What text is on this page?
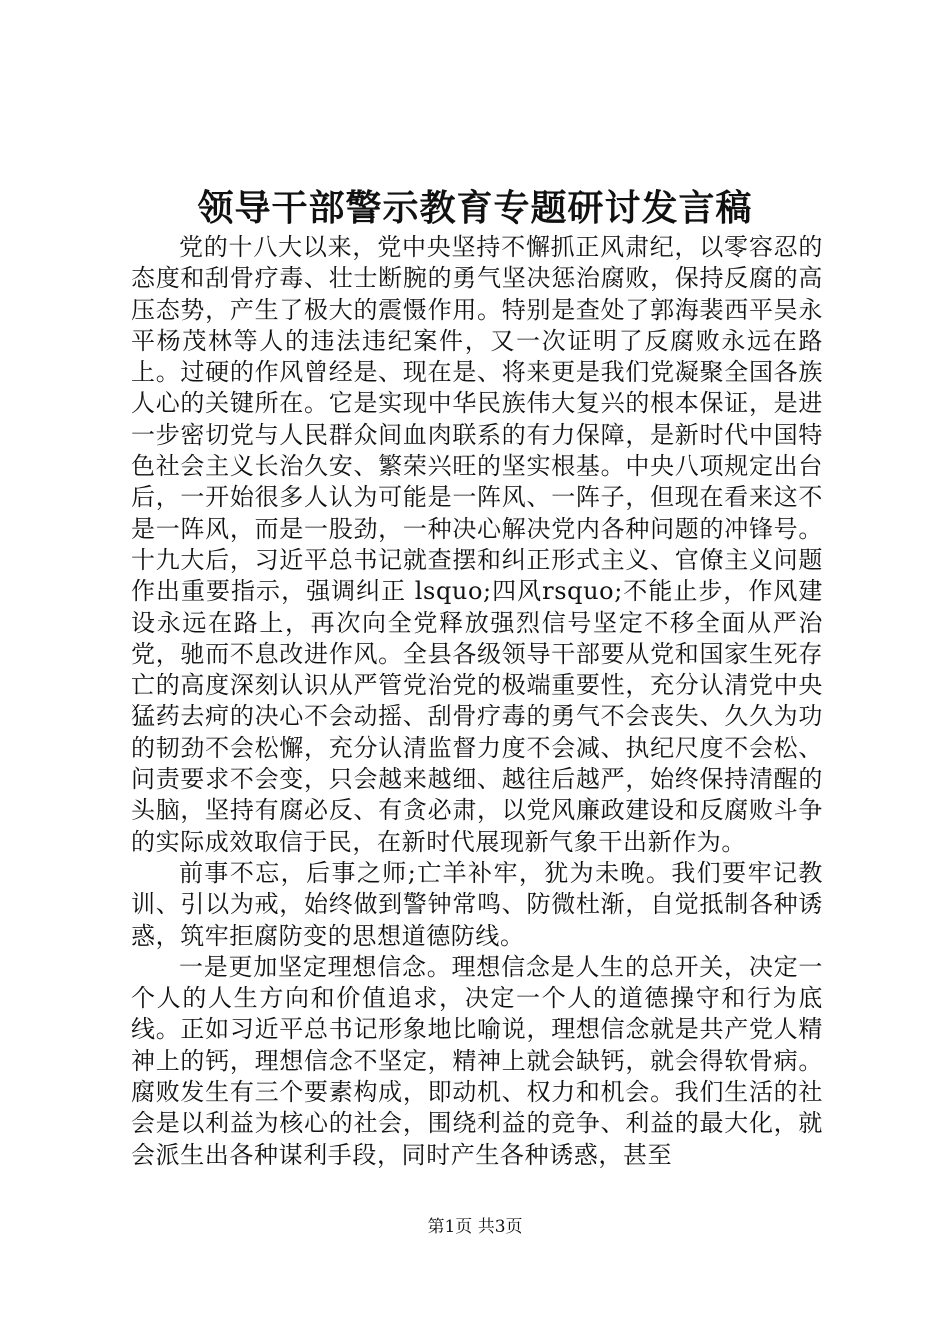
领导干部警示教育专题研讨发言稿

党的十八大以来，党中央坚持不懈抓正风肃纪，以零容忍的态度和刮骨疗毒、壮士断腕的勇气坚决惩治腐败，保持反腐的高压态势，产生了极大的震慑作用。特别是查处了郭海裴西平吴永平杨茂林等人的违法违纪案件，又一次证明了反腐败永远在路上。过硬的作风曾经是、现在是、将来更是我们党凝聚全国各族人心的关键所在。它是实现中华民族伟大复兴的根本保证，是进一步密切党与人民群众间血肉联系的有力保障，是新时代中国特色社会主义长治久安、繁荣兴旺的坚实根基。中央八项规定出台后，一开始很多人认为可能是一阵风、一阵子，但现在看来这不是一阵风，而是一股劲，一种决心解决党内各种问题的冲锋号。十九大后，习近平总书记就查摆和纠正形式主义、官僚主义问题作出重要指示，强调纠正 lsquo;四风rsquo;不能止步，作风建设永远在路上，再次向全党释放强烈信号坚定不移全面从严治党，驰而不息改进作风。全县各级领导干部要从党和国家生死存亡的高度深刻认识从严管党治党的极端重要性，充分认清党中央猛药去疴的决心不会动摇、刮骨疗毒的勇气不会丧失、久久为功的韧劲不会松懈，充分认清监督力度不会减、执纪尺度不会松、问责要求不会变，只会越来越细、越往后越严，始终保持清醒的头脑，坚持有腐必反、有贪必肃，以党风廉政建设和反腐败斗争的实际成效取信于民，在新时代展现新气象干出新作为。

前事不忘，后事之师;亡羊补牢，犹为未晚。我们要牢记教训、引以为戒，始终做到警钟常鸣、防微杜渐，自觉抵制各种诱惑，筑牢拒腐防变的思想道德防线。

一是更加坚定理想信念。理想信念是人生的总开关，决定一个人的人生方向和价值追求，决定一个人的道德操守和行为底线。正如习近平总书记形象地比喻说，理想信念就是共产党人精神上的钙，理想信念不坚定，精神上就会缺钙，就会得软骨病。腐败发生有三个要素构成，即动机、权力和机会。我们生活的社会是以利益为核心的社会，围绕利益的竞争、利益的最大化，就会派生出各种谋利手段，同时产生各种诱惑，甚至

第1页 共3页
